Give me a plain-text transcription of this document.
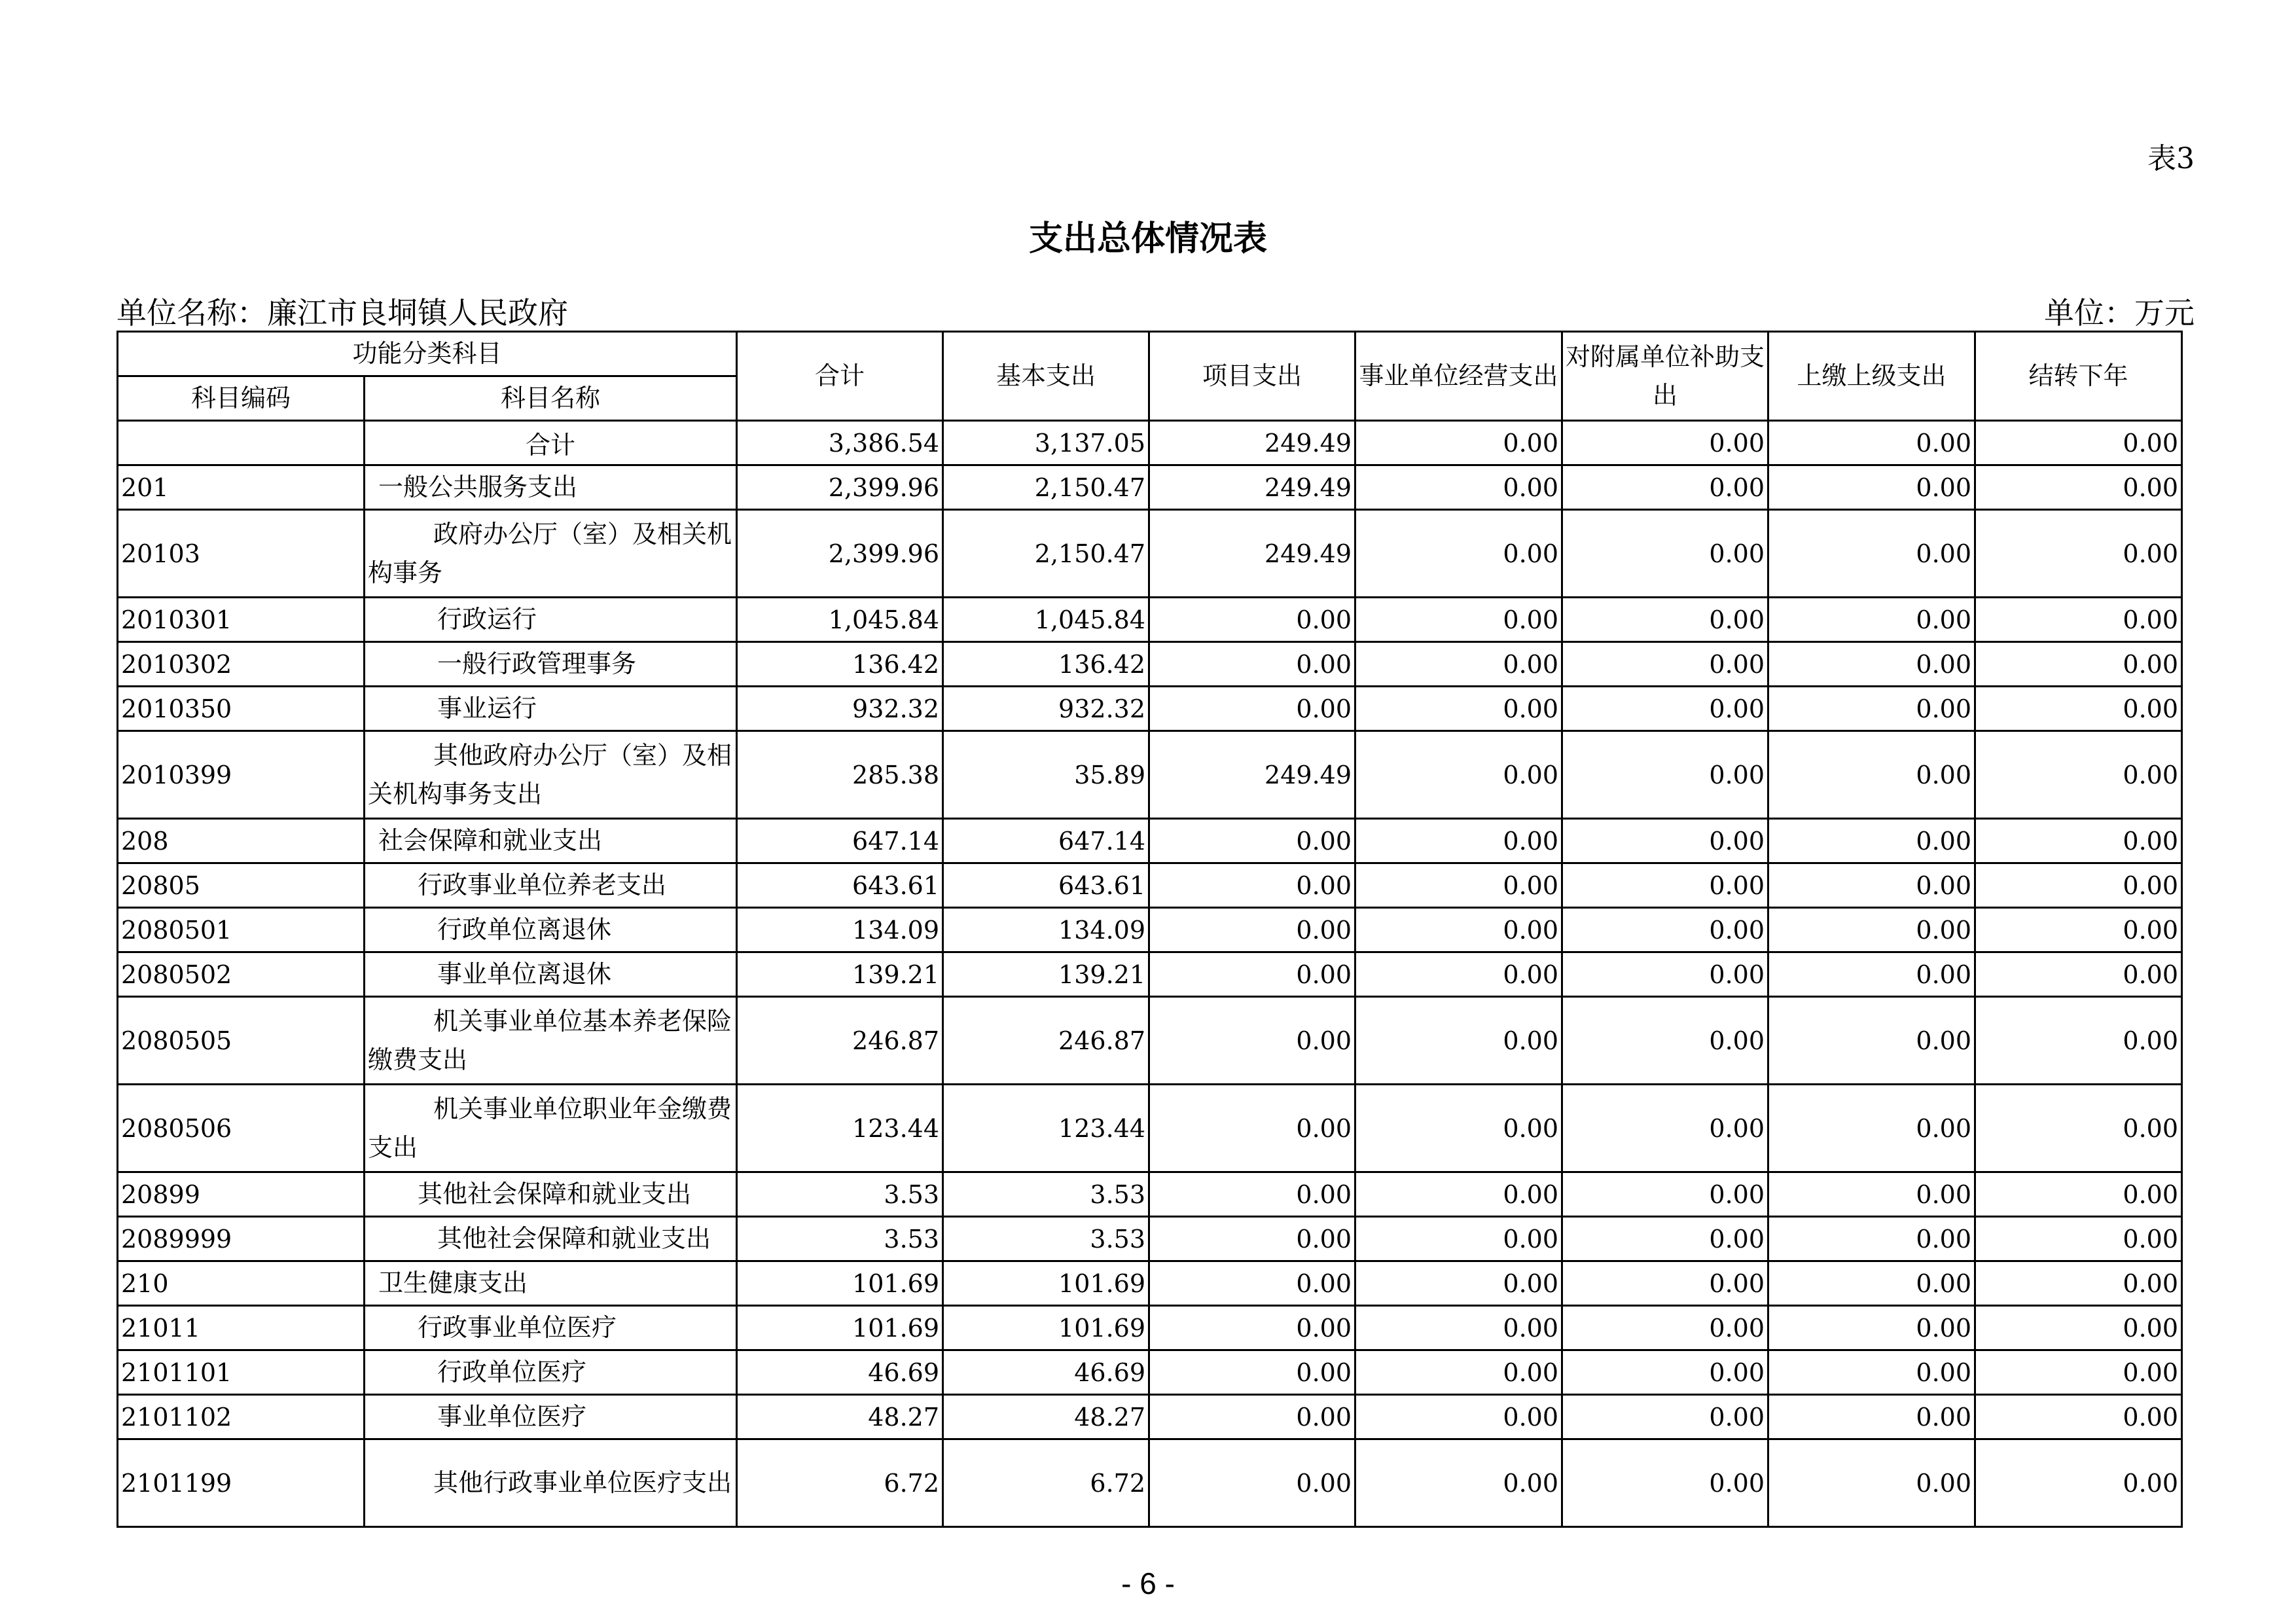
表3
支出总体情况表
单位名称：廉江市良垌镇人民政府	单位：万元
功能分类科目		合计	基本支出	项目支出	事业单位经营支出	对附属单位补助支出	上缴上级支出	结转下年
科目编码	科目名称							
	合计	3,386.54	3,137.05	249.49	0.00	0.00	0.00	0.00
201	一般公共服务支出	2,399.96	2,150.47	249.49	0.00	0.00	0.00	0.00
20103	政府办公厅（室）及相关机构事务	2,399.96	2,150.47	249.49	0.00	0.00	0.00	0.00
2010301	行政运行	1,045.84	1,045.84	0.00	0.00	0.00	0.00	0.00
2010302	一般行政管理事务	136.42	136.42	0.00	0.00	0.00	0.00	0.00
2010350	事业运行	932.32	932.32	0.00	0.00	0.00	0.00	0.00
2010399	其他政府办公厅（室）及相关机构事务支出	285.38	35.89	249.49	0.00	0.00	0.00	0.00
208	社会保障和就业支出	647.14	647.14	0.00	0.00	0.00	0.00	0.00
20805	行政事业单位养老支出	643.61	643.61	0.00	0.00	0.00	0.00	0.00
2080501	行政单位离退休	134.09	134.09	0.00	0.00	0.00	0.00	0.00
2080502	事业单位离退休	139.21	139.21	0.00	0.00	0.00	0.00	0.00
2080505	机关事业单位基本养老保险缴费支出	246.87	246.87	0.00	0.00	0.00	0.00	0.00
2080506	机关事业单位职业年金缴费支出	123.44	123.44	0.00	0.00	0.00	0.00	0.00
20899	其他社会保障和就业支出	3.53	3.53	0.00	0.00	0.00	0.00	0.00
2089999	其他社会保障和就业支出	3.53	3.53	0.00	0.00	0.00	0.00	0.00
210	卫生健康支出	101.69	101.69	0.00	0.00	0.00	0.00	0.00
21011	行政事业单位医疗	101.69	101.69	0.00	0.00	0.00	0.00	0.00
2101101	行政单位医疗	46.69	46.69	0.00	0.00	0.00	0.00	0.00
2101102	事业单位医疗	48.27	48.27	0.00	0.00	0.00	0.00	0.00
2101199	其他行政事业单位医疗支出	6.72	6.72	0.00	0.00	0.00	0.00	0.00
- 6 -
